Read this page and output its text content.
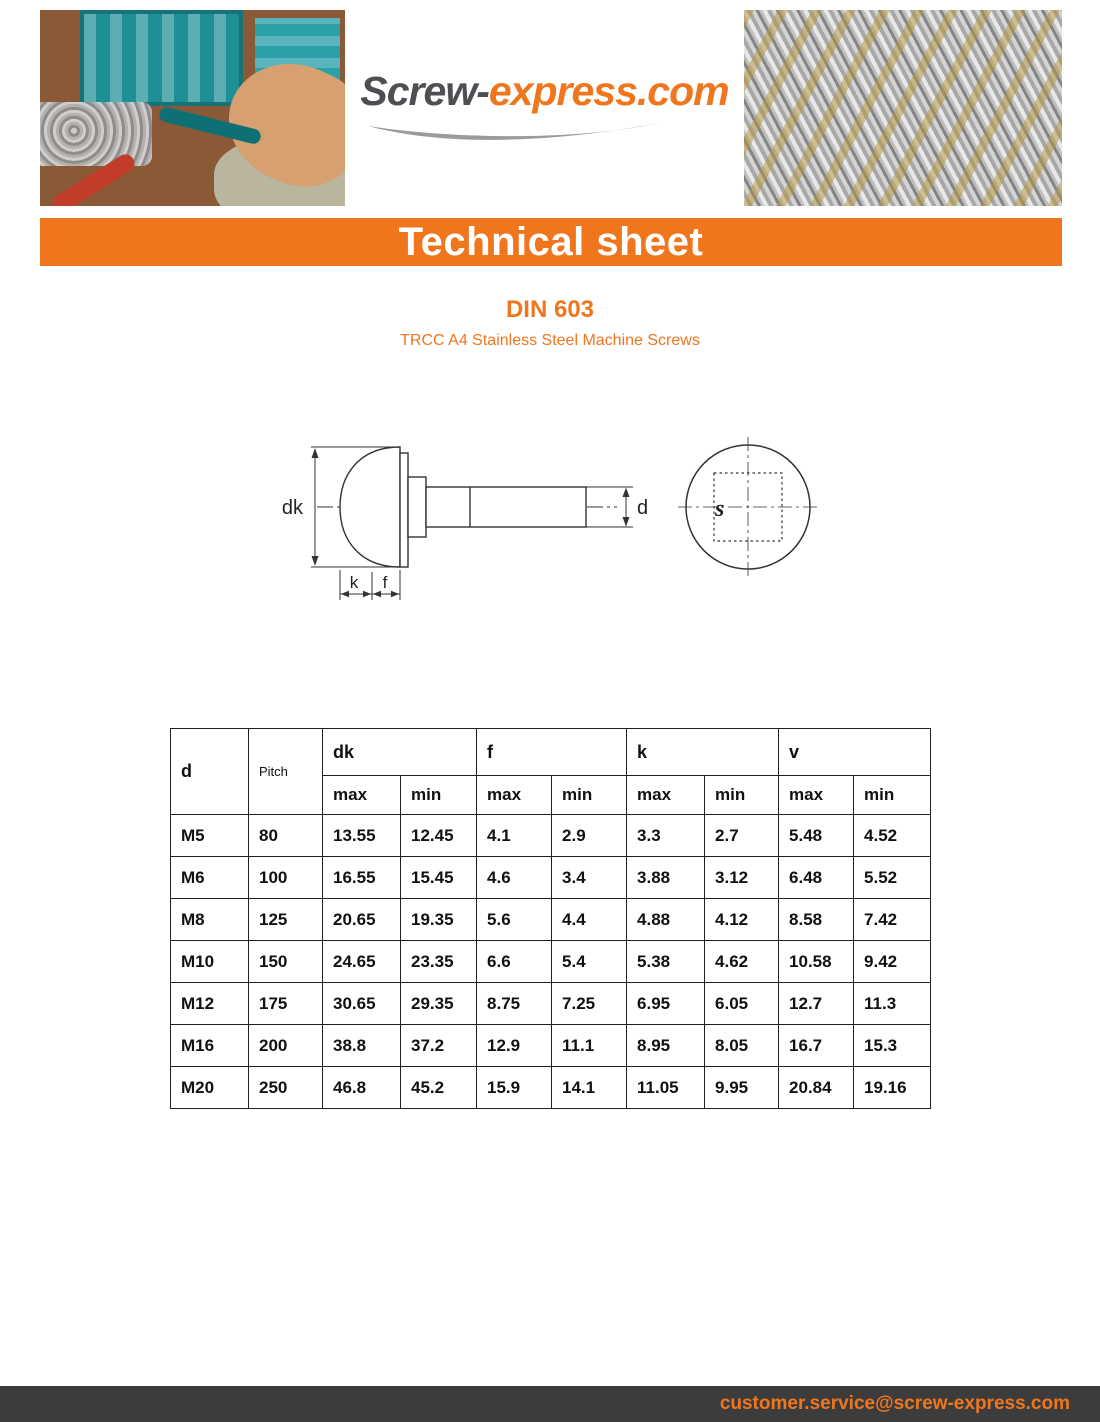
Screw-express.com
Technical sheet
DIN 603
TRCC A4 Stainless Steel Machine Screws
dk	d
k f
s
d	Pitch	dk		f		k		v	
		max	min	max	min	max	min	max	min
M5	80	13.55	12.45	4.1	2.9	3.3	2.7	5.48	4.52
M6	100	16.55	15.45	4.6	3.4	3.88	3.12	6.48	5.52
M8	125	20.65	19.35	5.6	4.4	4.88	4.12	8.58	7.42
M10	150	24.65	23.35	6.6	5.4	5.38	4.62	10.58	9.42
M12	175	30.65	29.35	8.75	7.25	6.95	6.05	12.7	11.3
M16	200	38.8	37.2	12.9	11.1	8.95	8.05	16.7	15.3
M20	250	46.8	45.2	15.9	14.1	11.05	9.95	20.84	19.16
customer.service@screw-express.com
